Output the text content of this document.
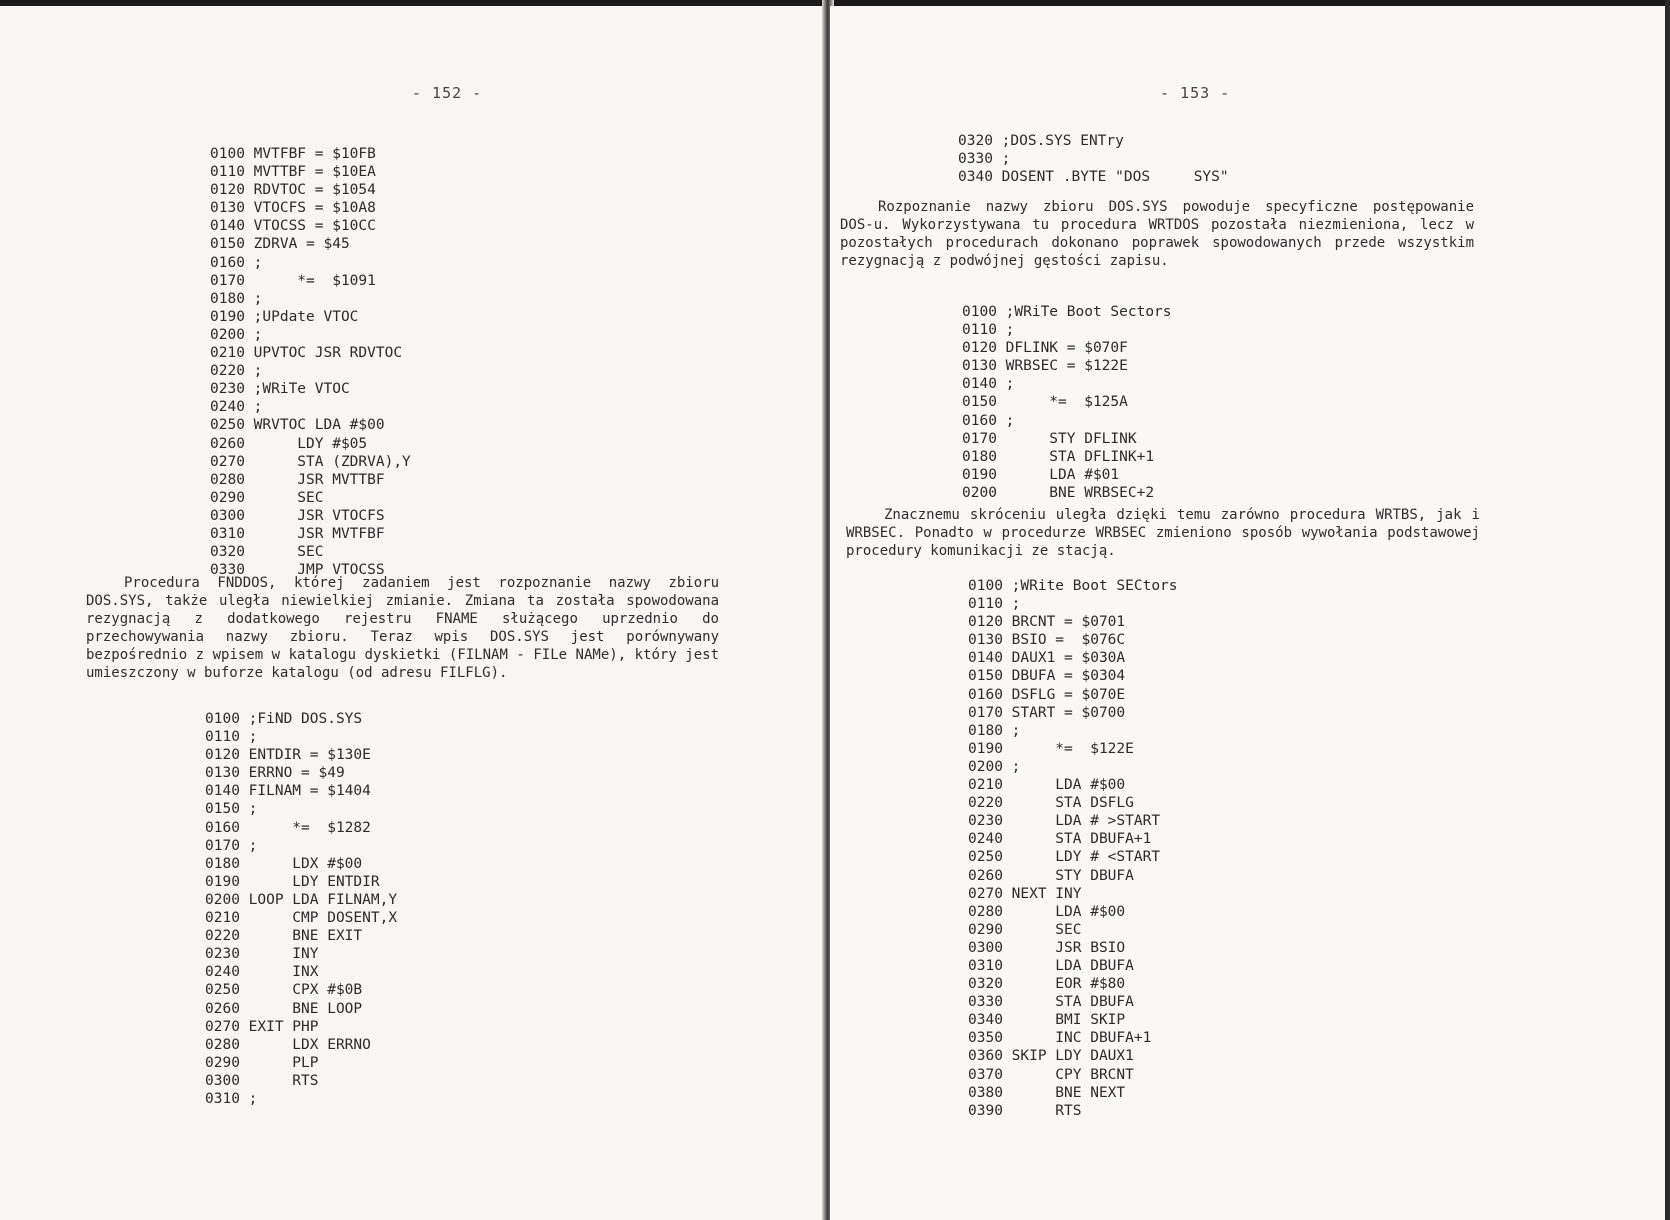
- 152 -
0100 MVTFBF = $10FB
0110 MVTTBF = $10EA
0120 RDVTOC = $1054
0130 VTOCFS = $10A8
0140 VTOCSS = $10CC
0150 ZDRVA = $45
0160 ;
0170      *=  $1091
0180 ;
0190 ;UPdate VTOC
0200 ;
0210 UPVTOC JSR RDVTOC
0220 ;
0230 ;WRiTe VTOC
0240 ;
0250 WRVTOC LDA #$00
0260      LDY #$05
0270      STA (ZDRVA),Y
0280      JSR MVTTBF
0290      SEC
0300      JSR VTOCFS
0310      JSR MVTFBF
0320      SEC
0330      JMP VTOCSS

Procedura FNDDOS, której zadaniem jest rozpoznanie nazwy zbioru DOS.SYS, także uległa niewielkiej zmianie. Zmiana ta została spowodowana rezygnacją z dodatkowego rejestru FNAME służącego uprzednio do przechowywania nazwy zbioru. Teraz wpis DOS.SYS jest porównywany bezpośrednio z wpisem w katalogu dyskietki (FILNAM - FILe NAMe), który jest umieszczony w buforze katalogu (od adresu FILFLG).

0100 ;FiND DOS.SYS
0110 ;
0120 ENTDIR = $130E
0130 ERRNO = $49
0140 FILNAM = $1404
0150 ;
0160      *=  $1282
0170 ;
0180      LDX #$00
0190      LDY ENTDIR
0200 LOOP LDA FILNAM,Y
0210      CMP DOSENT,X
0220      BNE EXIT
0230      INY
0240      INX
0250      CPX #$0B
0260      BNE LOOP
0270 EXIT PHP
0280      LDX ERRNO
0290      PLP
0300      RTS
0310 ;
- 153 -
0320 ;DOS.SYS ENTry
0330 ;
0340 DOSENT .BYTE "DOS     SYS"

Rozpoznanie nazwy zbioru DOS.SYS powoduje specyficzne postępowanie DOS-u. Wykorzystywana tu procedura WRTDOS pozostała niezmieniona, lecz w pozostałych procedurach dokonano poprawek spowodowanych przede wszystkim rezygnacją z podwójnej gęstości zapisu.

0100 ;WRiTe Boot Sectors
0110 ;
0120 DFLINK = $070F
0130 WRBSEC = $122E
0140 ;
0150      *=  $125A
0160 ;
0170      STY DFLINK
0180      STA DFLINK+1
0190      LDA #$01
0200      BNE WRBSEC+2

Znacznemu skróceniu uległa dzięki temu zarówno procedura WRTBS, jak i WRBSEC. Ponadto w procedurze WRBSEC zmieniono sposób wywołania podstawowej procedury komunikacji ze stacją.

0100 ;WRite Boot SECtors
0110 ;
0120 BRCNT = $0701
0130 BSIO =  $076C
0140 DAUX1 = $030A
0150 DBUFA = $0304
0160 DSFLG = $070E
0170 START = $0700
0180 ;
0190      *=  $122E
0200 ;
0210      LDA #$00
0220      STA DSFLG
0230      LDA # >START
0240      STA DBUFA+1
0250      LDY # <START
0260      STY DBUFA
0270 NEXT INY
0280      LDA #$00
0290      SEC
0300      JSR BSIO
0310      LDA DBUFA
0320      EOR #$80
0330      STA DBUFA
0340      BMI SKIP
0350      INC DBUFA+1
0360 SKIP LDY DAUX1
0370      CPY BRCNT
0380      BNE NEXT
0390      RTS
